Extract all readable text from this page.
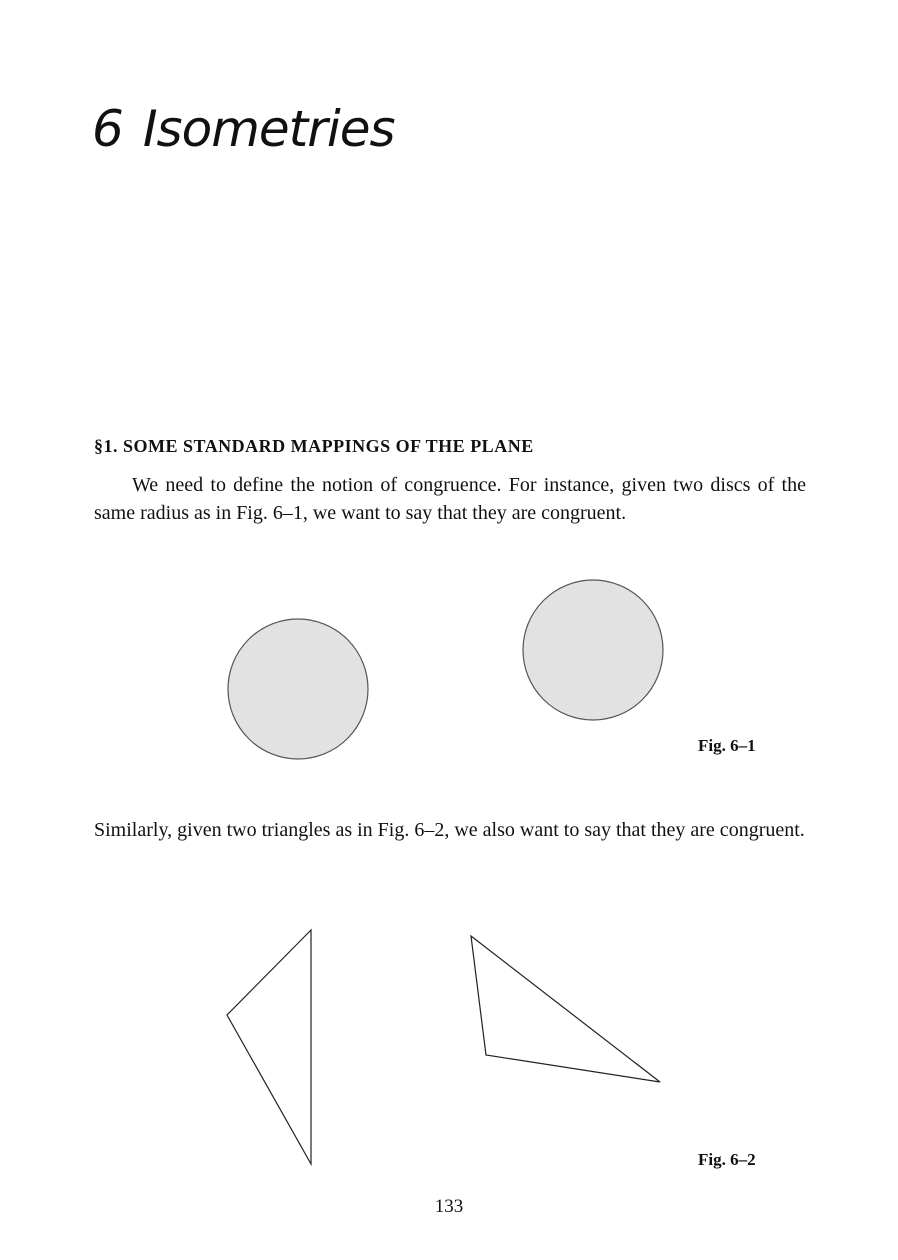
6 Isometries
§1. SOME STANDARD MAPPINGS OF THE PLANE

We need to define the notion of congruence. For instance, given two discs of the same radius as in Fig. 6–1, we want to say that they are congruent.

Fig. 6–1

Similarly, given two triangles as in Fig. 6–2, we also want to say that they are congruent.

Fig. 6–2
133
